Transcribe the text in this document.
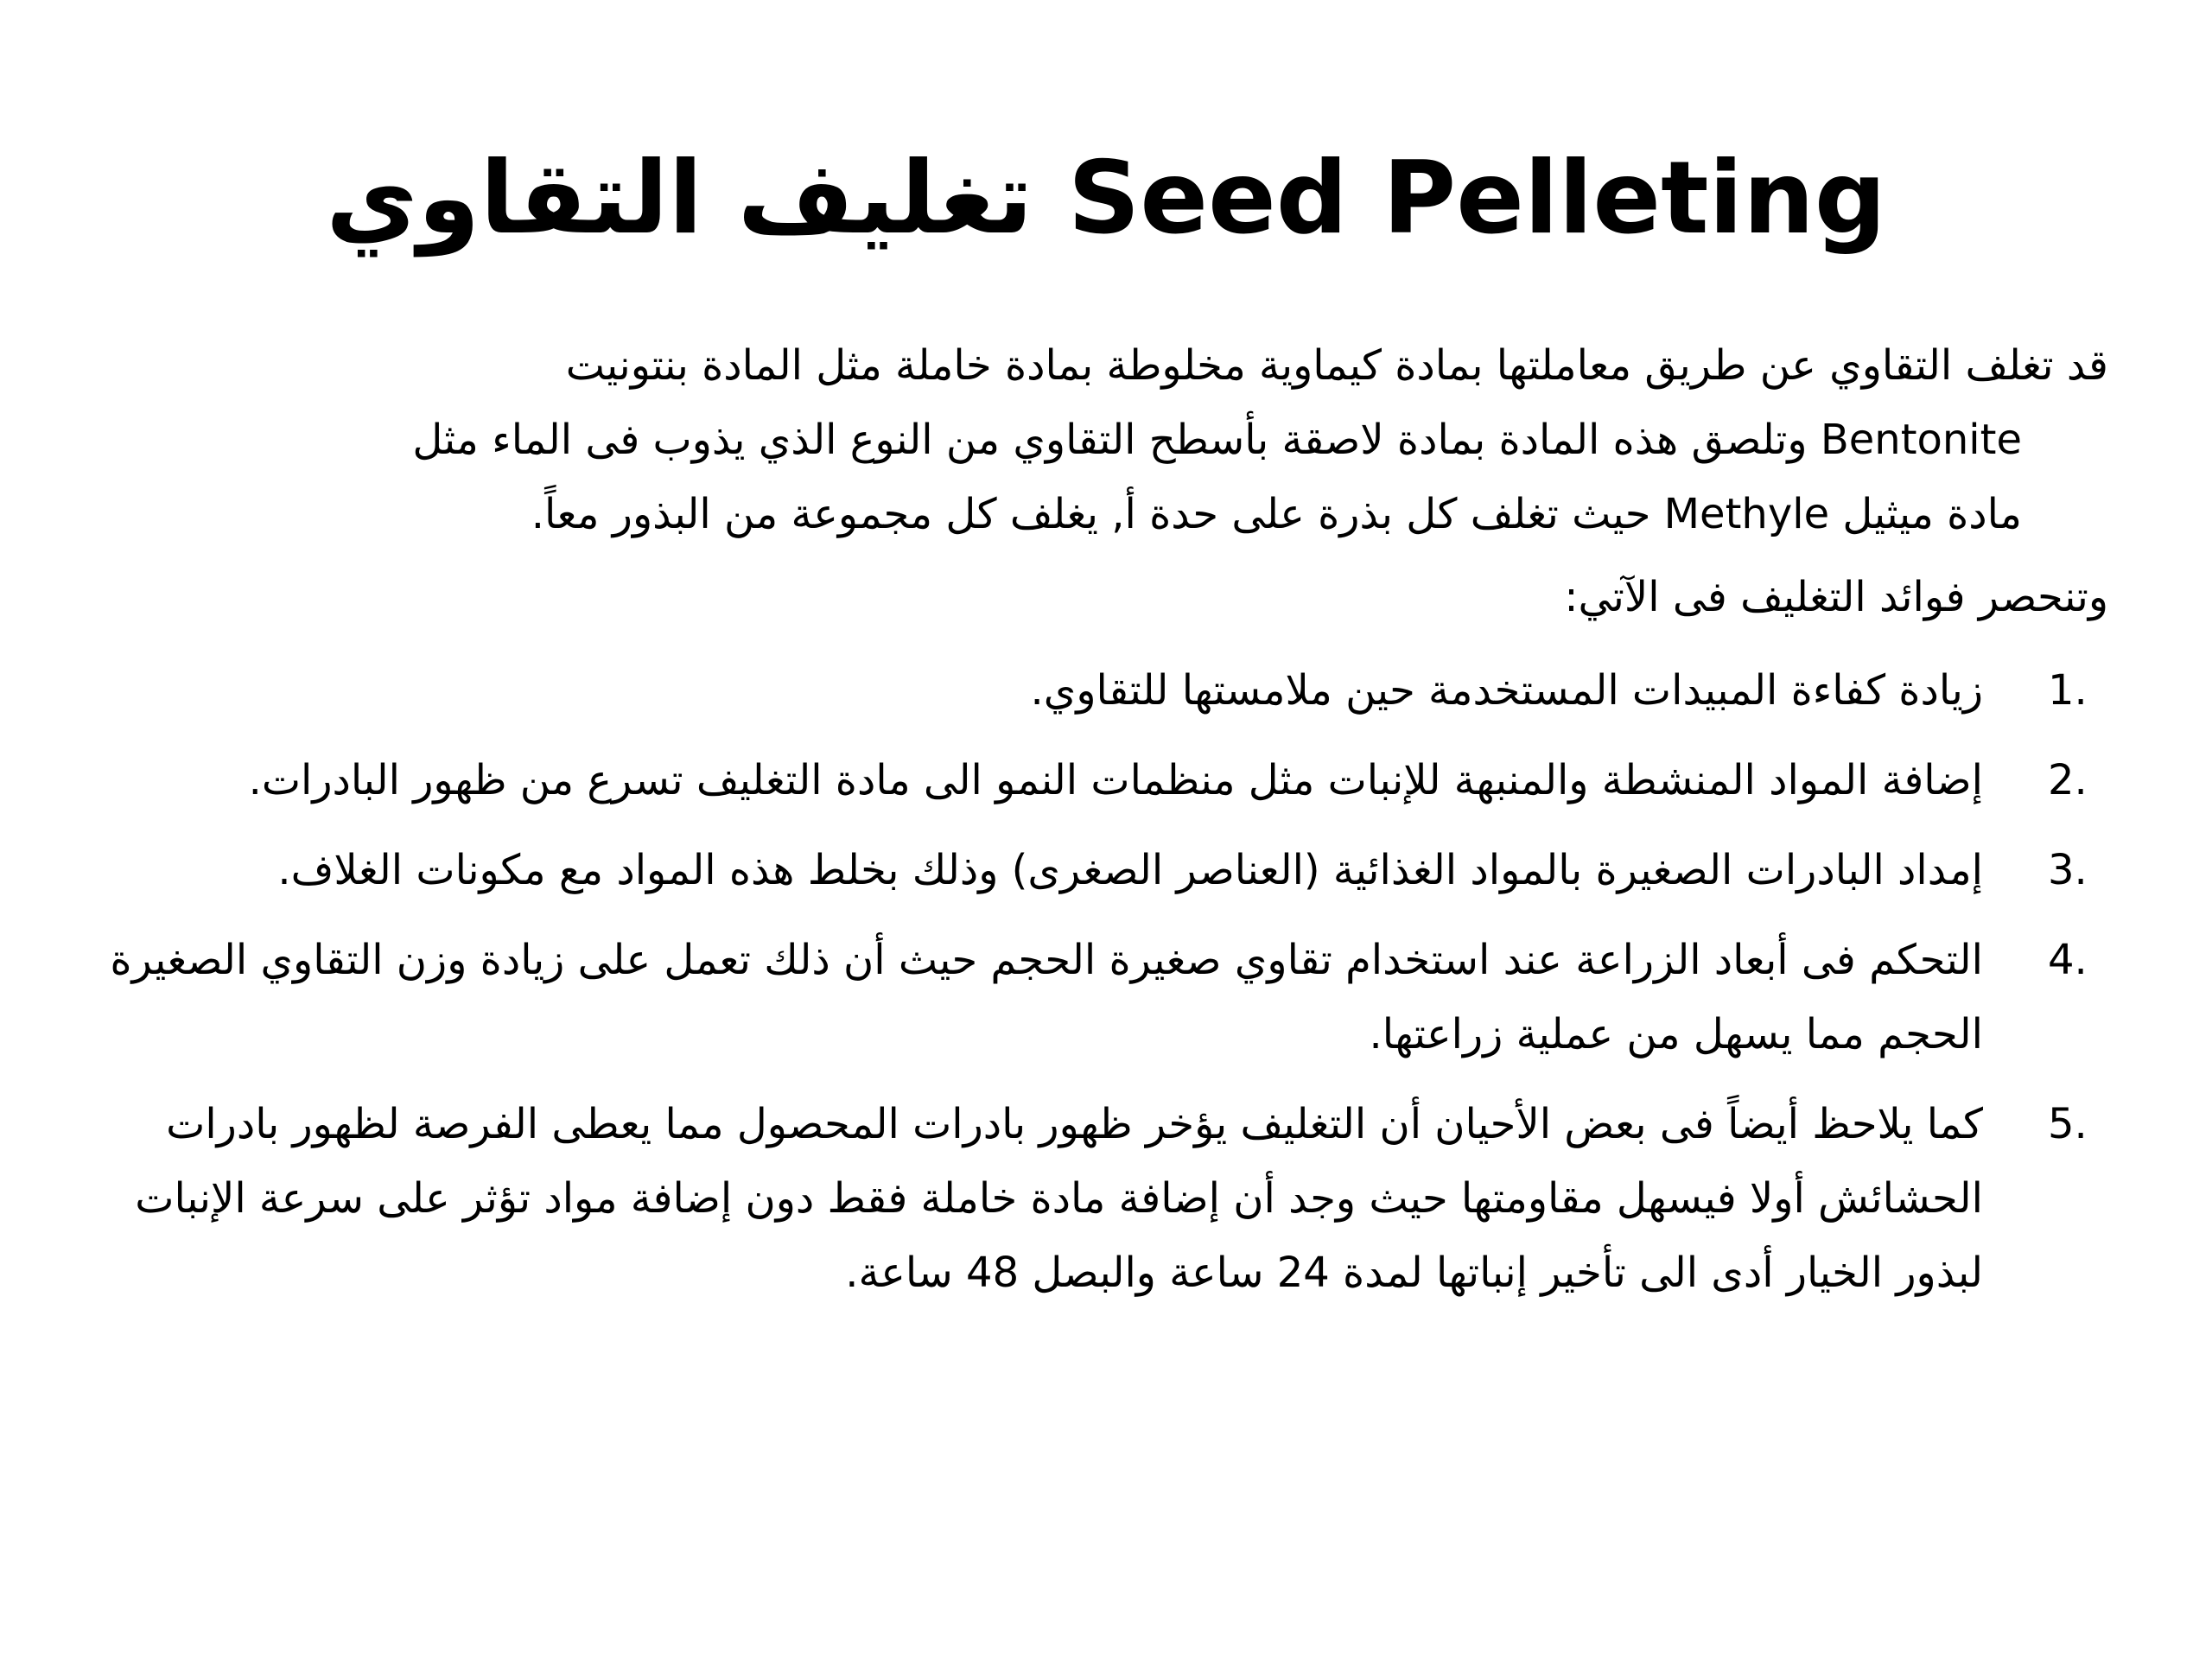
تغليف التقاوي Seed Pelleting

قد تغلف التقاوي عن طريق معاملتها بمادة كيماوية مخلوطة بمادة خاملة مثل المادة بنتونيت
Bentonite وتلصق هذه المادة بمادة لاصقة بأسطح التقاوي من النوع الذي يذوب فى الماء مثل
مادة ميثيل Methyle حيث تغلف كل بذرة على حدة أ, يغلف كل مجموعة من البذور معاً.

وتنحصر فوائد التغليف فى الآتي:

1.
زيادة كفاءة المبيدات المستخدمة حين ملامستها للتقاوي.
2.
إضافة المواد المنشطة والمنبهة للإنبات مثل منظمات النمو الى مادة التغليف تسرع من ظهور البادرات.
3.
إمداد البادرات الصغيرة بالمواد الغذائية (العناصر الصغرى) وذلك بخلط هذه المواد مع مكونات الغلاف.
4.
التحكم فى أبعاد الزراعة عند استخدام تقاوي صغيرة الحجم حيث أن ذلك تعمل على زيادة وزن التقاوي الصغيرة الحجم مما يسهل من عملية زراعتها.
5.
كما يلاحظ أيضاً فى بعض الأحيان أن التغليف يؤخر ظهور بادرات المحصول مما يعطى الفرصة لظهور بادرات الحشائش أولا فيسهل مقاومتها حيث وجد أن إضافة مادة خاملة فقط دون إضافة مواد تؤثر على سرعة الإنبات لبذور الخيار أدى الى تأخير إنباتها لمدة 24 ساعة والبصل 48 ساعة.
